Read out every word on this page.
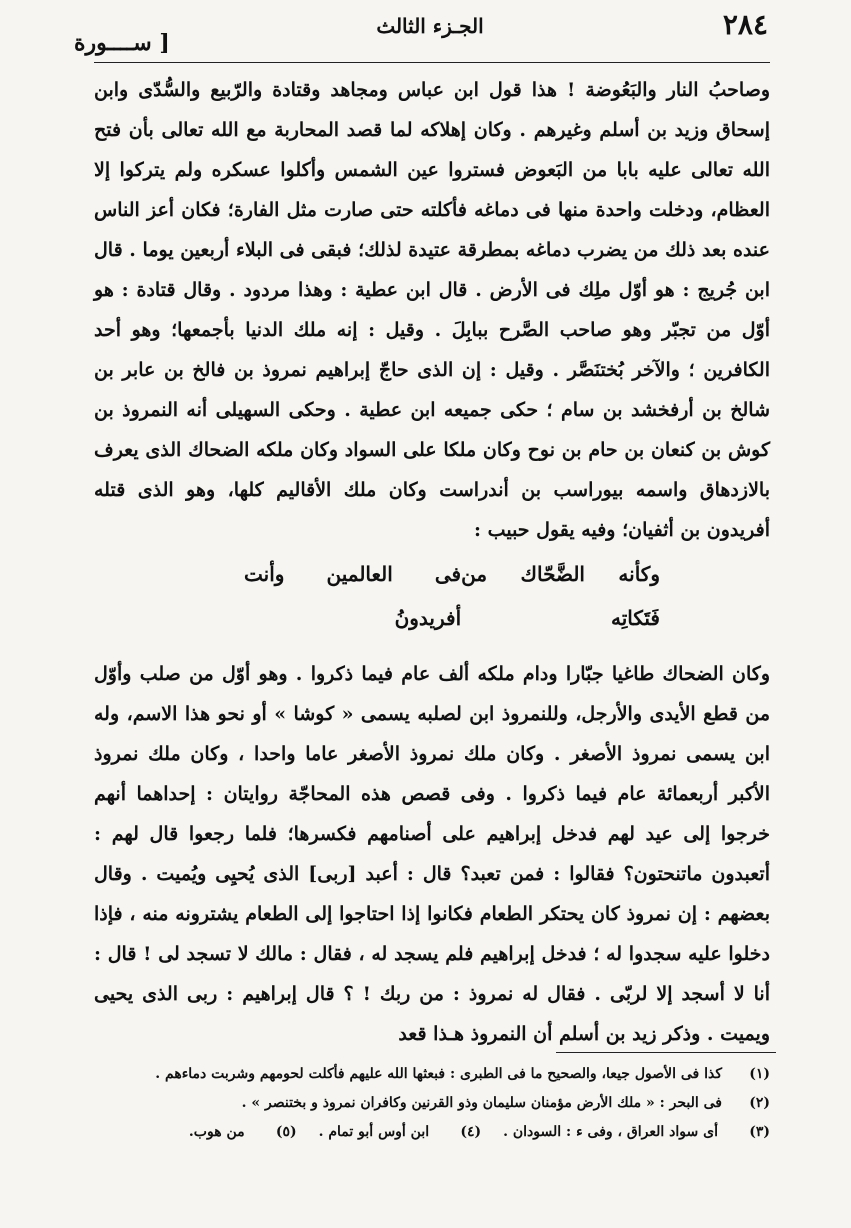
٢٨٤
الجـزء الثالث
[ ســــورة

وصاحبُ النار والبَعُوضة ! هذا قول ابن عباس ومجاهد وقتادة والرّبيع والسُّدّى وابن إسحاق وزيد بن أسلم وغيرهم . وكان إهلاكه لما قصد المحاربة مع الله تعالى بأن فتح الله تعالى عليه بابا من البَعوض فستروا عين الشمس وأكلوا عسكره ولم يتركوا إلا العظام، ودخلت واحدة منها فى دماغه فأكلته حتى صارت مثل الفارة؛ فكان أعز الناس عنده بعد ذلك من يضرب دماغه بمطرقة عتيدة لذلك؛ فبقى فى البلاء أربعين يوما . قال ابن جُريج : هو أوّل ملِك فى الأرض . قال ابن عطية : وهذا مردود . وقال قتادة : هو أوّل من تجبّر وهو صاحب الصَّرح ببابِلَ . وقيل : إنه ملك الدنيا بأجمعها؛ وهو أحد الكافرين ؛ والآخر بُختنَصَّر . وقيل : إن الذى حاجّ إبراهيم نمروذ بن فالخ بن عابر بن شالخ بن أرفخشد بن سام ؛ حكى جميعه ابن عطية . وحكى السهيلى أنه النمروذ بن كوش بن كنعان بن حام بن نوح وكان ملكا على السواد وكان ملكه الضحاك الذى يعرف بالازدهاق واسمه بيوراسب بن أندراست وكان ملك الأقاليم كلها، وهو الذى قتله أفريدون بن أثفيان؛ وفيه يقول حبيب :

وكأنه الضَّحّاك من فَتَكاتِه
فى العالمين وأنت أفريدونُ

وكان الضحاك طاغيا جبّارا ودام ملكه ألف عام فيما ذكروا . وهو أوّل من صلب وأوّل من قطع الأيدى والأرجل، وللنمروذ ابن لصلبه يسمى « كوشا » أو نحو هذا الاسم، وله ابن يسمى نمروذ الأصغر . وكان ملك نمروذ الأصغر عاما واحدا ، وكان ملك نمروذ الأكبر أربعمائة عام فيما ذكروا . وفى قصص هذه المحاجّة روايتان : إحداهما أنهم خرجوا إلى عيد لهم فدخل إبراهيم على أصنامهم فكسرها؛ فلما رجعوا قال لهم : أتعبدون ماتنحتون؟ فقالوا : فمن تعبد؟ قال : أعبد [ربى] الذى يُحيِى ويُميت . وقال بعضهم : إن نمروذ كان يحتكر الطعام فكانوا إذا احتاجوا إلى الطعام يشترونه منه ، فإذا دخلوا عليه سجدوا له ؛ فدخل إبراهيم فلم يسجد له ، فقال : مالك لا تسجد لى ! قال : أنا لا أسجد إلا لربّى . فقال له نمروذ : من ربك ! ؟ قال إبراهيم : ربى الذى يحيى ويميت . وذكر زيد بن أسلم أن النمروذ هـذا قعد

(١)
كذا فى الأصول جيعا، والصحيح ما فى الطبرى : فبعثها الله عليهم فأكلت لحومهم وشربت دماءهم .
(٢)
فى البحر : « ملك الأرض مؤمنان سليمان وذو القرنين وكافران نمروذ و بختنصر » .
(٣)
أى سواد العراق ، وفى ء : السودان .
(٤)
ابن أوس أبو تمام .
(٥)
من هوب.
